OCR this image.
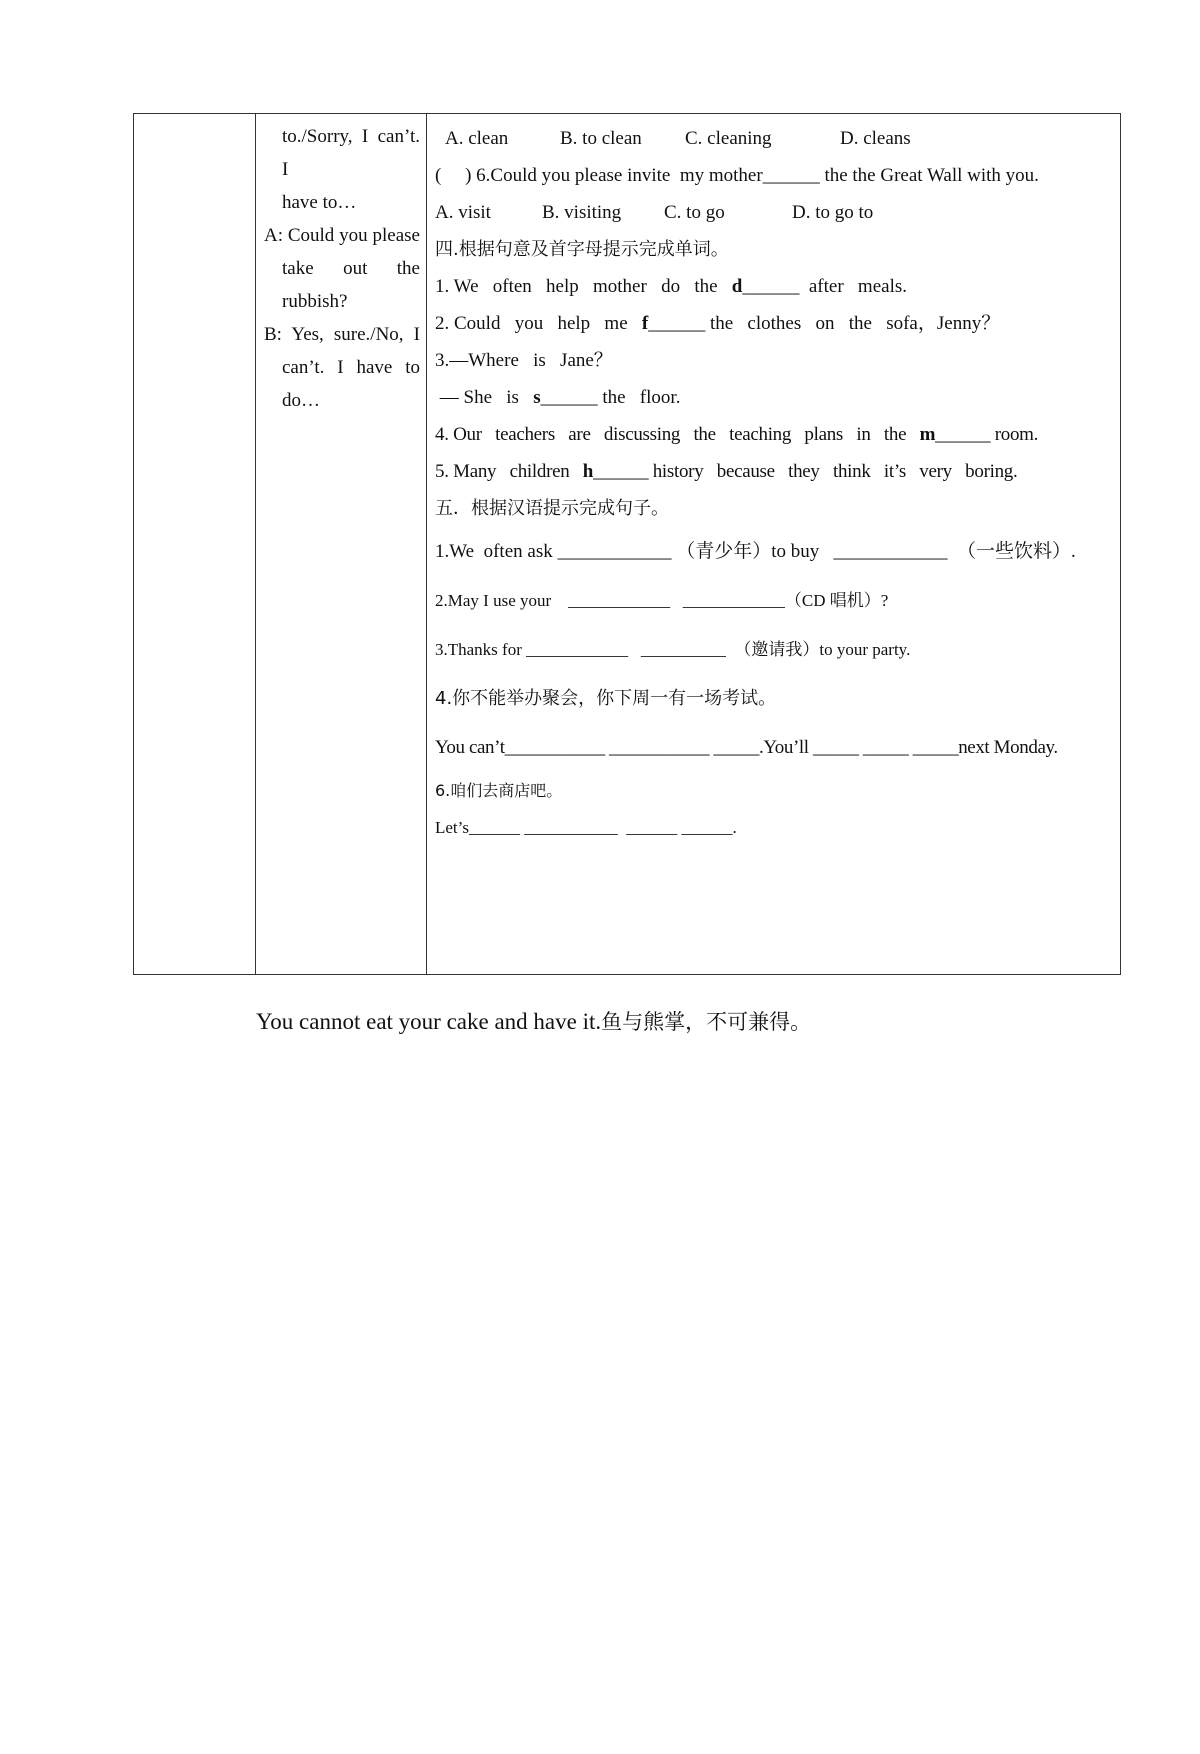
to./Sorry, I can’t. I

have to…

A: Could you please take out the rubbish?

B: Yes, sure./No, I can’t. I have to do…

A. clean	B. to clean C. cleaning	D. cleans
(     ) 6.Could you please invite  my mother______ the the Great Wall with you.
A. visit	B. visiting C. to go	D. to go to
四.根据句意及首字母提示完成单词。
1. We   often   help   mother   do   the   d______  after   meals.
2. Could   you   help   me   f______ the   clothes   on   the   sofa，Jenny？
3.—Where   is   Jane？
— She   is   s______ the   floor.
4. Our   teachers   are   discussing   the   teaching   plans   in   the   m______ room.
5. Many   children   h______ history   because   they   think   it’s   very   boring.
五．根据汉语提示完成句子。
1.We  often ask ____________ （青少年）to buy   ____________  （一些饮料）.
2.May I use your    ____________   ____________（CD 唱机）?
3.Thanks for ____________   __________  （邀请我）to your party.
4.你不能举办聚会，你下周一有一场考试。
You can’t___________ ___________ _____.You’ll _____ _____ _____next Monday.
6.咱们去商店吧。
Let’s______ ___________  ______ ______.
You cannot eat your cake and have it.鱼与熊掌，不可兼得。
